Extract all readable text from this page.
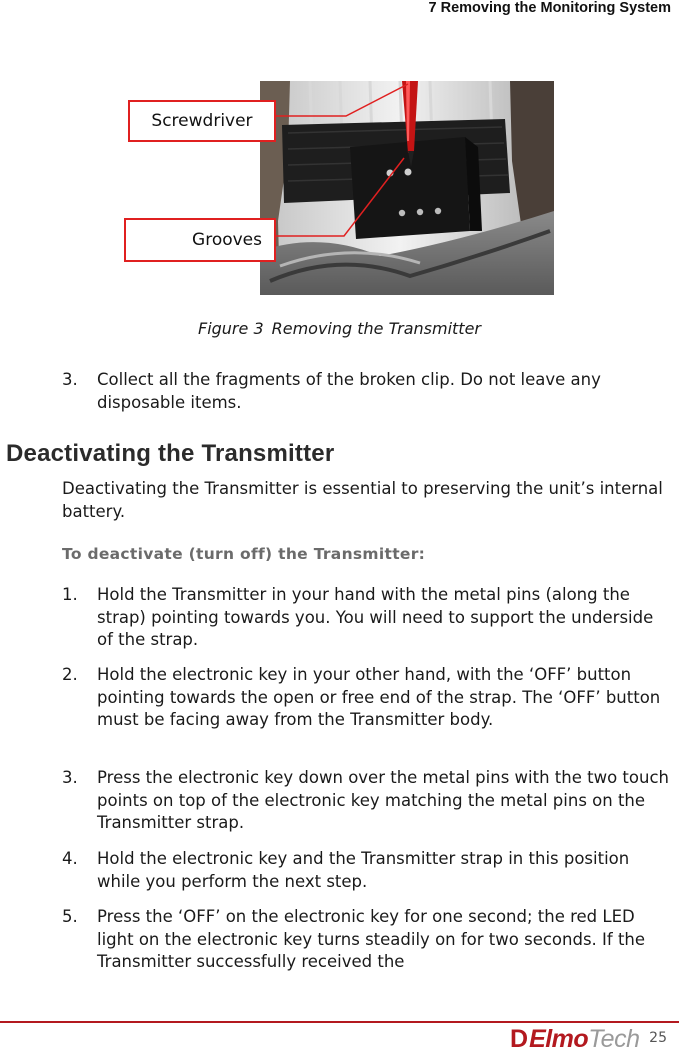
7 Removing the Monitoring System
Screwdriver
Grooves
Figure 3 Removing the Transmitter
3. Collect all the fragments of the broken clip. Do not leave any disposable items.
Deactivating the Transmitter
Deactivating the Transmitter is essential to preserving the unit’s internal battery.
To deactivate (turn off) the Transmitter:
1. Hold the Transmitter in your hand with the metal pins (along the strap) pointing towards you. You will need to support the underside of the strap.
2. Hold the electronic key in your other hand, with the ‘OFF’ button pointing towards the open or free end of the strap. The ‘OFF’ button must be facing away from the Transmitter body.
3. Press the electronic key down over the metal pins with the two touch points on top of the electronic key matching the metal pins on the Transmitter strap.
4. Hold the electronic key and the Transmitter strap in this position while you perform the next step.
5. Press the ‘OFF’ on the electronic key for one second; the red LED light on the electronic key turns steadily on for two seconds. If the Transmitter successfully received the
D Elmo Tech 25
